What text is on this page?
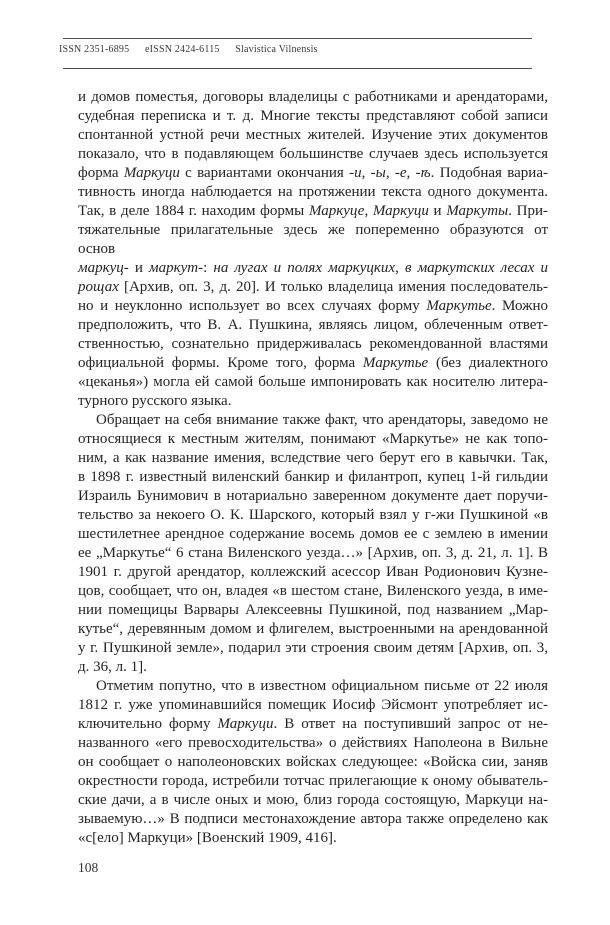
ISSN 2351-6895 eISSN 2424-6115 Slavistica Vilnensis
и домов поместья, договоры владелицы с работниками и арендаторами,
судебная переписка и т. д. Многие тексты представляют собой записи
спонтанной устной речи местных жителей. Изучение этих документов
показало, что в подавляющем большинстве случаев здесь используется
форма Маркуци с вариантами окончания -и, -ы, -е, -ѣ. Подобная вариа-
тивность иногда наблюдается на протяжении текста одного документа.
Так, в деле 1884 г. находим формы Маркуце, Маркуци и Маркуты. При-
тяжательные прилагательные здесь же попеременно образуются от основ
маркуц- и маркут-: на лугах и полях маркуцких, в маркутских лесах и
рощах [Архив, оп. 3, д. 20]. И только владелица имения последователь-
но и неуклонно использует во всех случаях форму Маркутье. Можно
предположить, что В. А. Пушкина, являясь лицом, облеченным ответ-
ственностью, сознательно придерживалась рекомендованной властями
официальной формы. Кроме того, форма Маркутье (без диалектного
«цеканья») могла ей самой больше импонировать как носителю литера-
турного русского языка.
Обращает на себя внимание также факт, что арендаторы, заведомо не
относящиеся к местным жителям, понимают «Маркутье» не как топо-
ним, а как название имения, вследствие чего берут его в кавычки. Так,
в 1898 г. известный виленский банкир и филантроп, купец 1-й гильдии
Израиль Бунимович в нотариально заверенном документе дает поручи-
тельство за некоего О. К. Шарского, который взял у г-жи Пушкиной «в
шестилетнее арендное содержание восемь домов ее с землею в имении
ее „Маркутье“ 6 стана Виленского уезда…» [Архив, оп. 3, д. 21, л. 1]. В
1901 г. другой арендатор, коллежский асессор Иван Родионович Кузне-
цов, сообщает, что он, владея «в шестом стане, Виленского уезда, в име-
нии помещицы Варвары Алексеевны Пушкиной, под названием „Мар-
кутье“, деревянным домом и флигелем, выстроенными на арендованной
у г. Пушкиной земле», подарил эти строения своим детям [Архив, оп. 3,
д. 36, л. 1].
Отметим попутно, что в известном официальном письме от 22 июля
1812 г. уже упоминавшийся помещик Иосиф Эйсмонт употребляет ис-
ключительно форму Маркуци. В ответ на поступивший запрос от не-
названного «его превосходительства» о действиях Наполеона в Вильне
он сообщает о наполеоновских войсках следующее: «Войска сии, заняв
окрестности города, истребили тотчас прилегающие к оному обыватель-
ские дачи, а в числе оных и мою, близ города состоящую, Маркуци на-
зываемую…» В подписи местонахождение автора также определено как
«с[ело] Маркуци» [Военский 1909, 416].
108
